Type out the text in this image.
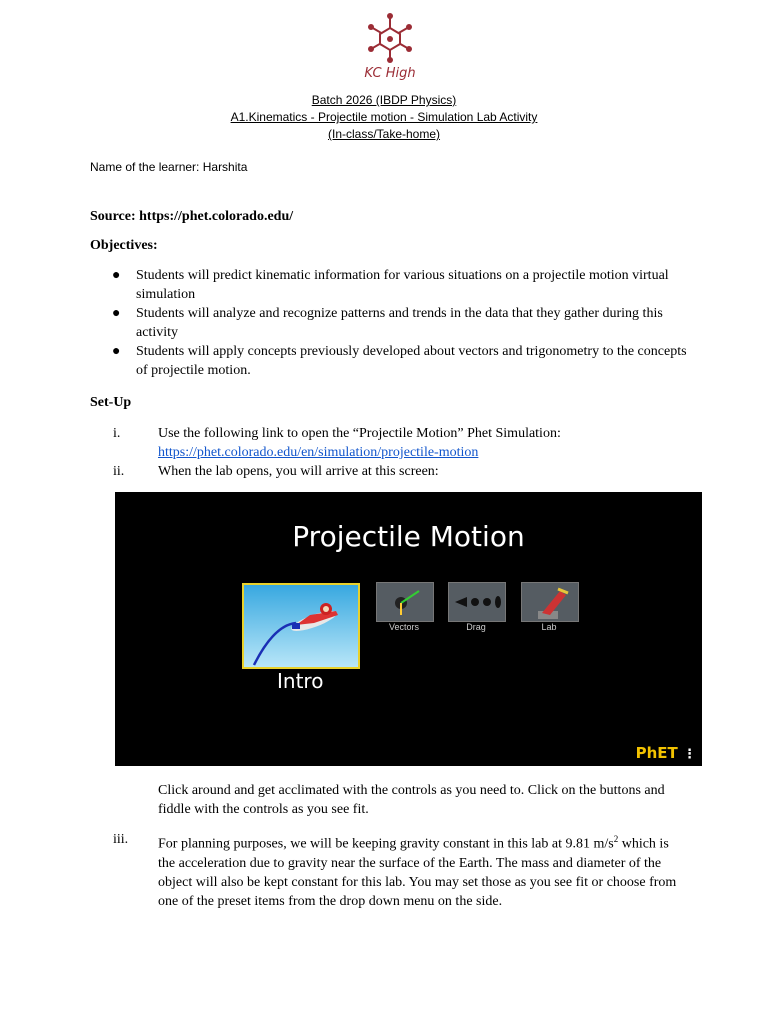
KC High
Batch 2026 (IBDP Physics)
A1.Kinematics - Projectile motion - Simulation Lab Activity
(In-class/Take-home)
Name of the learner: Harshita
Source: https://phet.colorado.edu/
Objectives:
● Students will predict kinematic information for various situations on a projectile motion virtual simulation
● Students will analyze and recognize patterns and trends in the data that they gather during this activity
● Students will apply concepts previously developed about vectors and trigonometry to the concepts of projectile motion.
Set-Up
i.	Use the following link to open the “Projectile Motion” Phet Simulation:
https://phet.colorado.edu/en/simulation/projectile-motion
ii. When the lab opens, you will arrive at this screen:
Projectile Motion
Intro
Vectors	Drag	Lab
PhET ⋮
Click around and get acclimated with the controls as you need to. Click on the buttons and fiddle with the controls as you see fit.
iii. For planning purposes, we will be keeping gravity constant in this lab at 9.81 $m/s^2$ which is the acceleration due to gravity near the surface of the Earth. The mass and diameter of the object will also be kept constant for this lab. You may set those as you see fit or choose from one of the preset items from the drop down menu on the side.
